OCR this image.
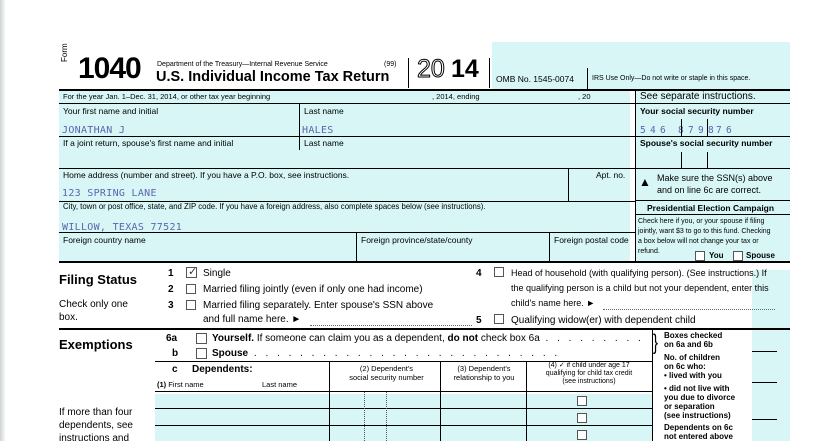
Form 1040 Department of the Treasury—Internal Revenue Service	(99)
U.S. Individual Income Tax Return 20 14 OMB No. 1545-0074	IRS Use Only—Do not write or staple in this space.
For the year Jan. 1–Dec. 31, 2014, or other tax year beginning	, 2014, ending	, 20	See separate instructions.
Your first name and initial	Last name	Your social security number
JONATHAN J	HALES	5 4 6 8 7 9 8 7 6
If a joint return, spouse's first name and initial	Last name	Spouse's social security number
Home address (number and street). If you have a P.O. box, see instructions.	Apt. no.
123 SPRING LANE
▲ Make sure the SSN(s) above and on line 6c are correct.
City, town or post office, state, and ZIP code. If you have a foreign address, also complete spaces below (see instructions).
WILLOW, TEXAS 77521
Foreign country name	Foreign province/state/county	Foreign postal code
Presidential Election Campaign
Check here if you, or your spouse if filing
jointly, want $3 to go to this fund. Checking
a box below will not change your tax or
refund.	You	Spouse
Filing Status
Check only one
box.
1 ✓ Single
2	Married filing jointly (even if only one had income)
3	Married filing separately. Enter spouse's SSN above
and full name here. ►
4	Head of household (with qualifying person). (See instructions.) If
the qualifying person is a child but not your dependent, enter this
child's name here. ►
5	Qualifying widow(er) with dependent child
Exemptions	6a	Yourself. If someone can claim you as a dependent, do not check box 6a . . . . . . . . .
b	Spouse . . . . . . . . . . . . . . . . . . . . . . . . . . .
c Dependents:
(1) First name	Last name
(2) Dependent's
social security number
(3) Dependent's
relationship to you
(4) ✓ if child under age 17
qualifying for child tax credit
(see instructions)
If more than four
dependents, see
instructions and
} Boxes checked
on 6a and 6b
No. of children
on 6c who:
• lived with you
• did not live with
you due to divorce
or separation
(see instructions)
Dependents on 6c
not entered above
